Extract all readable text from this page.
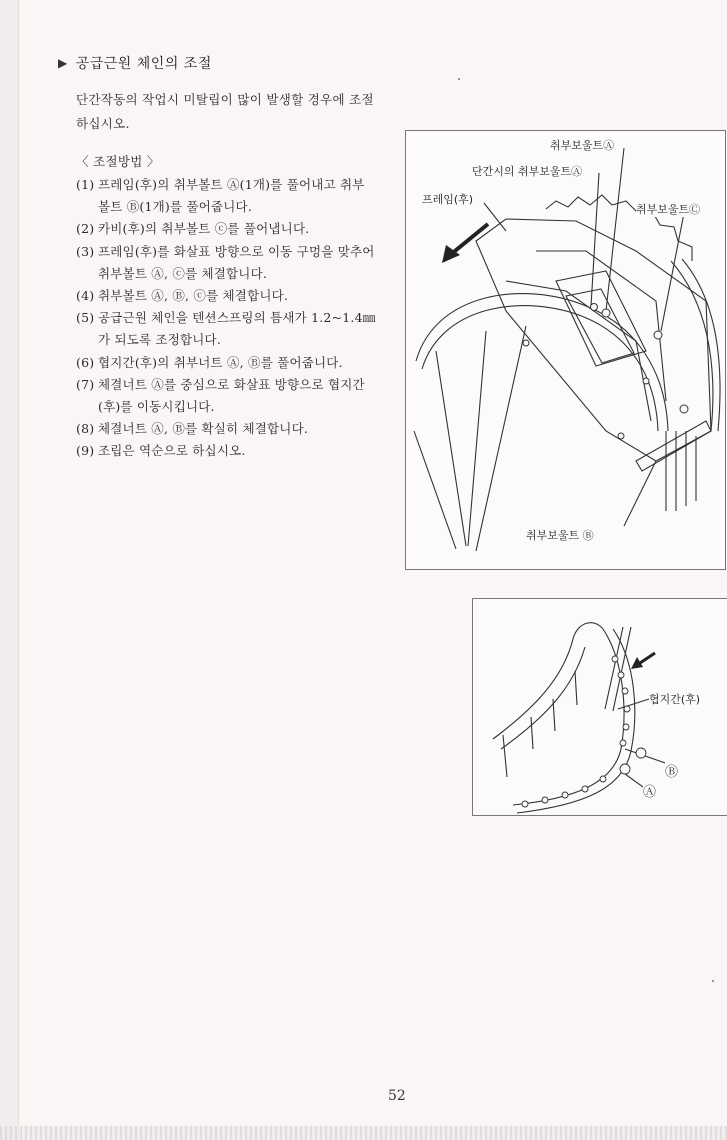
▶ 공급근원 체인의 조절
단간작동의 작업시 미탈립이 많이 발생할 경우에 조절하십시오.
〈 조절방법 〉
(1) 프레임(후)의 취부볼트 Ⓐ(1개)를 풀어내고 취부볼트 Ⓑ(1개)를 풀어줍니다.
(2) 카비(후)의 취부볼트 ⓒ를 풀어냅니다.
(3) 프레임(후)를 화살표 방향으로 이동 구멍을 맞추어 취부볼트 Ⓐ, ⓒ를 체결합니다.
(4) 취부볼트 Ⓐ, Ⓑ, ⓒ를 체결합니다.
(5) 공급근원 체인을 텐션스프링의 틈새가 1.2~1.4㎜가 되도록 조정합니다.
(6) 협지간(후)의 취부너트 Ⓐ, Ⓑ를 풀어줍니다.
(7) 체결너트 Ⓐ를 중심으로 화살표 방향으로 협지간(후)를 이동시킵니다.
(8) 체결너트 Ⓐ, Ⓑ를 확실히 체결합니다.
(9) 조립은 역순으로 하십시오.
취부보울트Ⓐ
단간시의 취부보울트Ⓐ
프레임(후)
취부보울트Ⓒ
취부보울트 Ⓑ
협지간(후)
Ⓑ
Ⓐ
52
